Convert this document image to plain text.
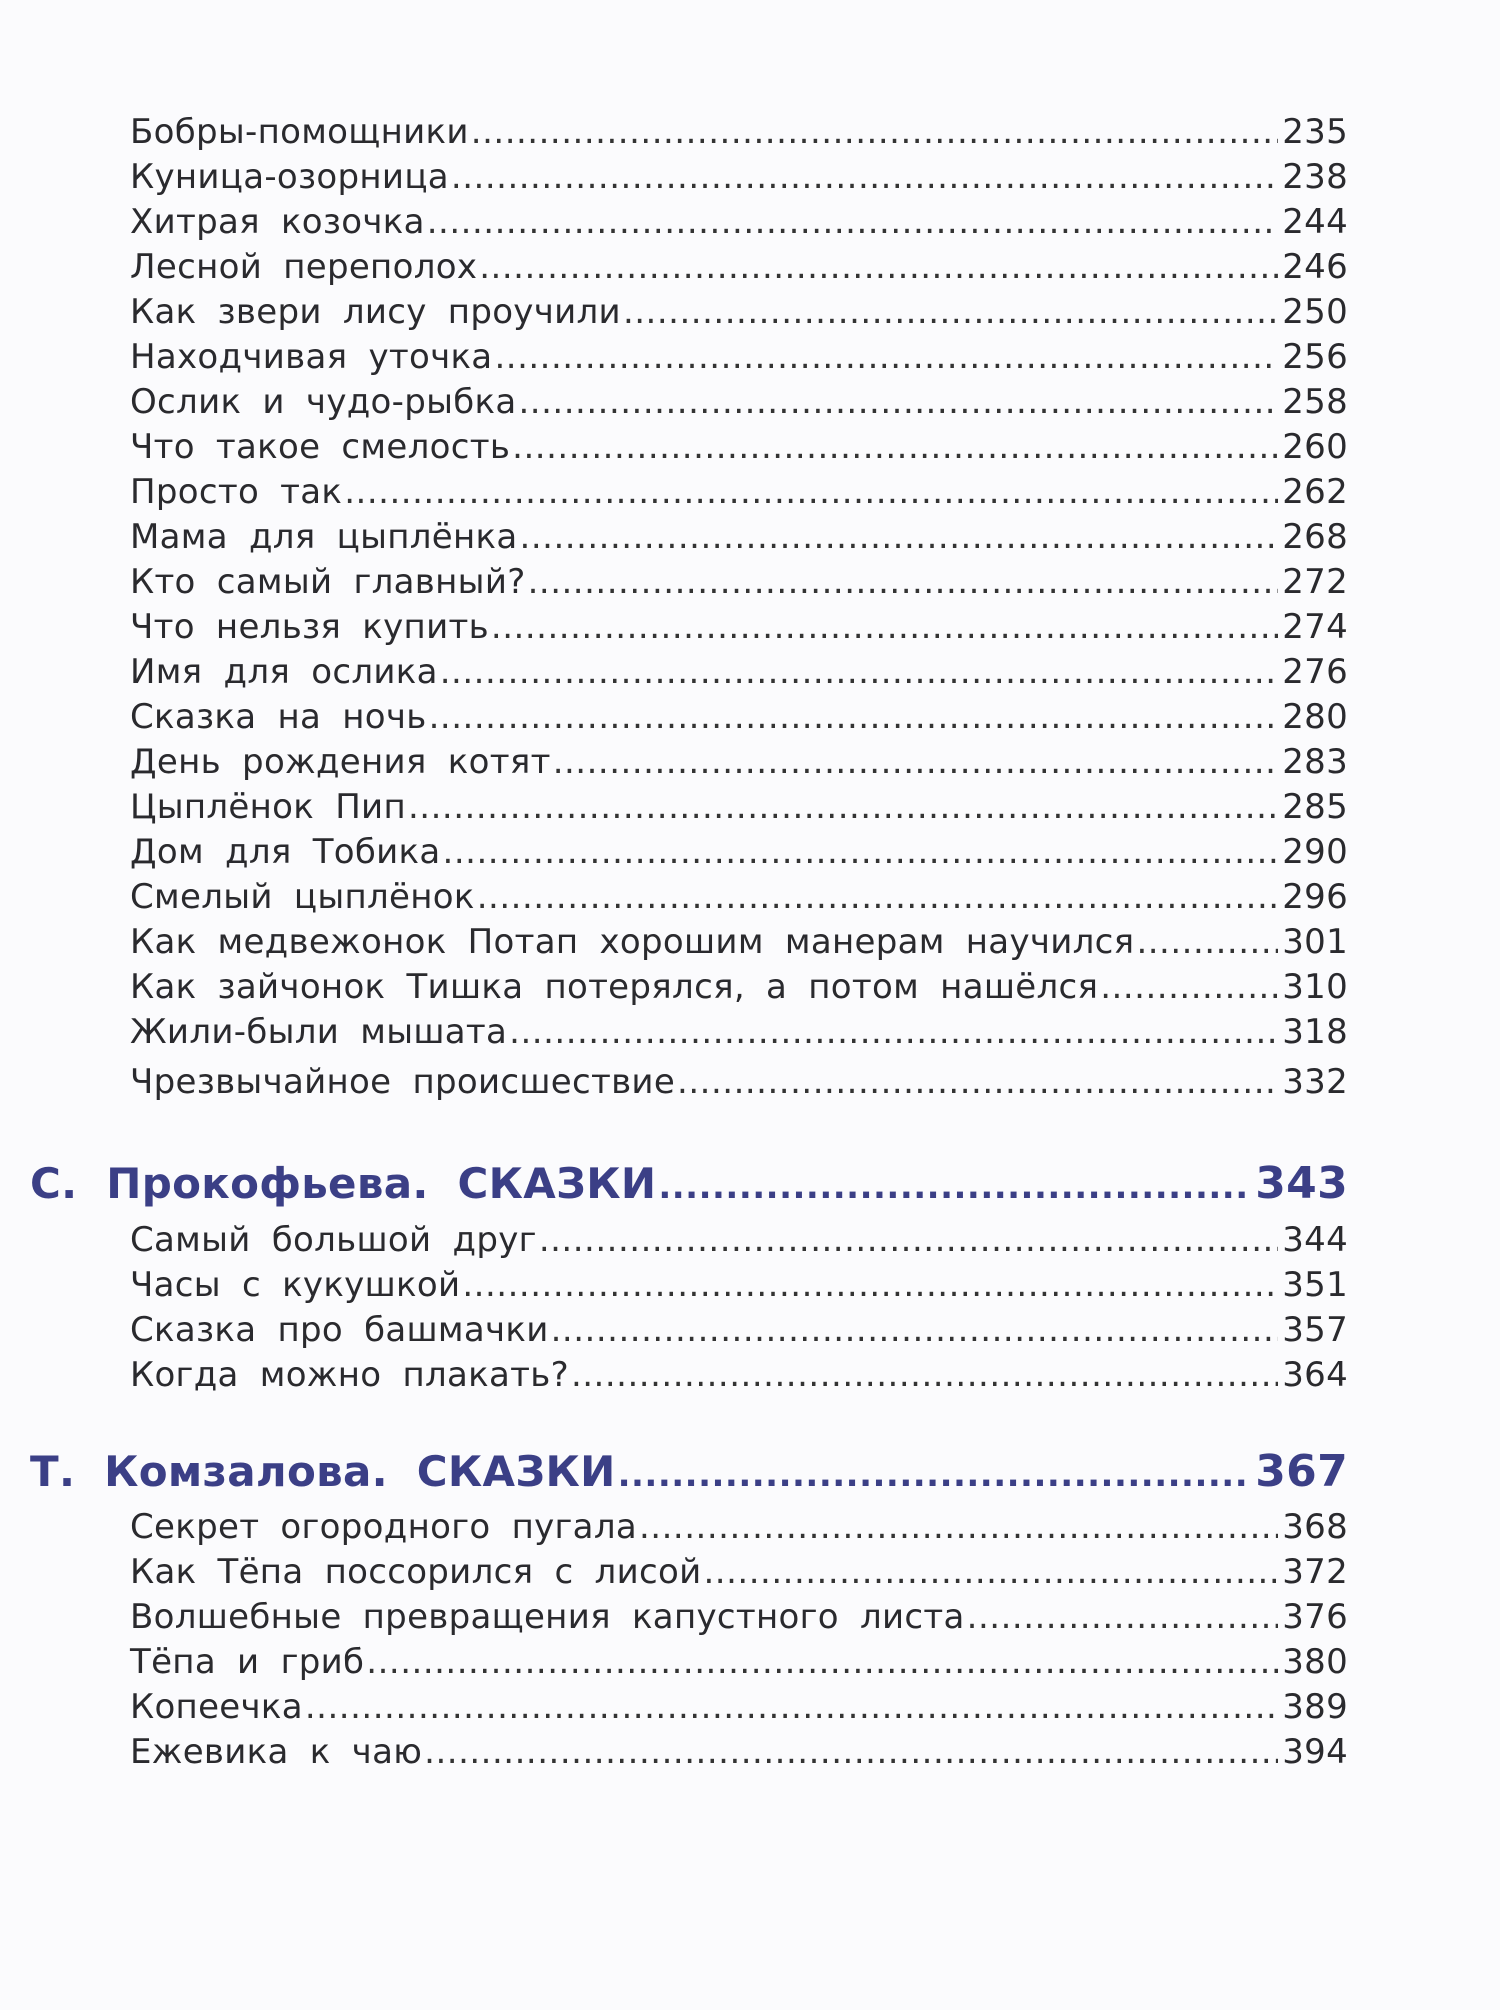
Бобры-помощники .....	235
Куница-озорница .....	238
Хитрая козочка .....	244
Лесной переполох .....	246
Как звери лису проучили .....	250
Находчивая уточка .....	256
Ослик и чудо-рыбка .....	258
Что такое смелость .....	260
Просто так .....	262
Мама для цыплёнка .....	268
Кто самый главный? .....	272
Что нельзя купить .....	274
Имя для ослика .....	276
Сказка на ночь .....	280
День рождения котят .....	283
Цыплёнок Пип .....	285
Дом для Тобика .....	290
Смелый цыплёнок .....	296
Как медвежонок Потап хорошим манерам научился .....	301
Как зайчонок Тишка потерялся, а потом нашёлся .....	310
Жили-были мышата .....	318
Чрезвычайное происшествие .....	332
С. Прокофьева. СКАЗКИ .....	343
Самый большой друг .....	344
Часы с кукушкой .....	351
Сказка про башмачки .....	357
Когда можно плакать? .....	364
Т. Комзалова. СКАЗКИ .....	367
Секрет огородного пугала .....	368
Как Тёпа поссорился с лисой .....	372
Волшебные превращения капустного листа .....	376
Тёпа и гриб .....	380
Копеечка .....	389
Ежевика к чаю .....	394
